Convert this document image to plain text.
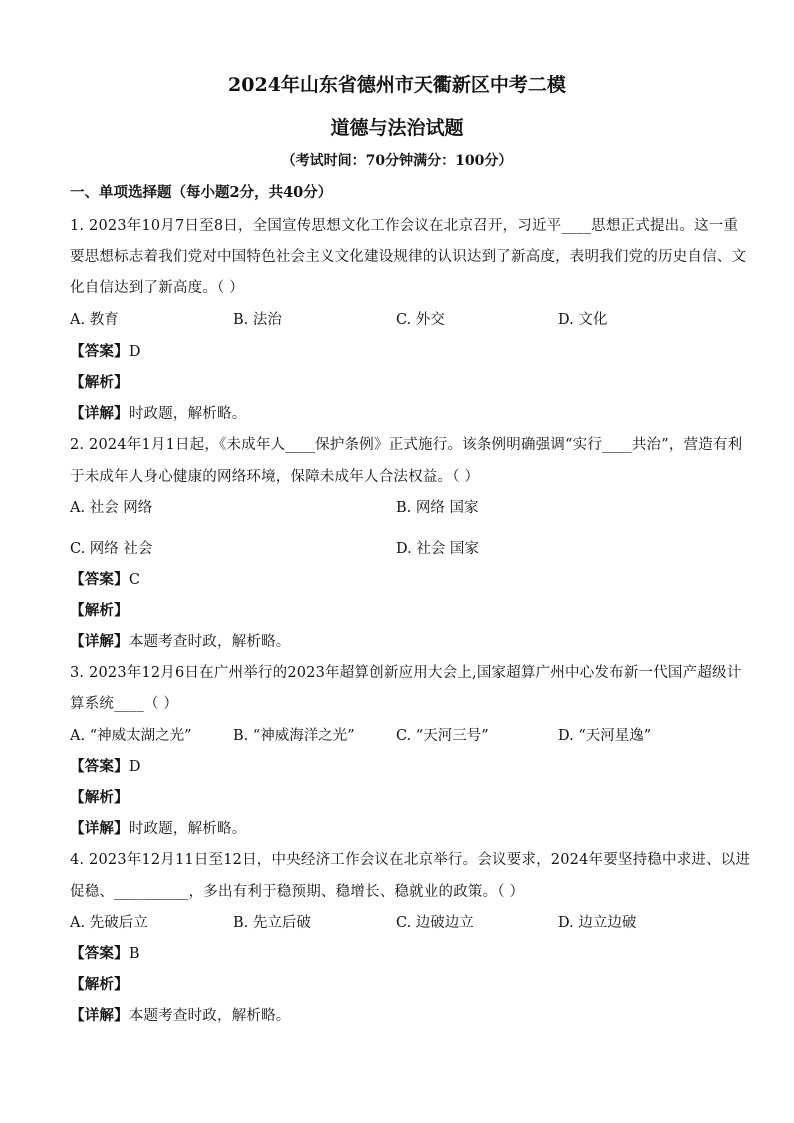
2024年山东省德州市天衢新区中考二模
道德与法治试题
（考试时间：70分钟满分：100分）
一、单项选择题（每小题2分，共40分）
1. 2023年10月7日至8日，全国宣传思想文化工作会议在北京召开，习近平____思想正式提出。这一重
要思想标志着我们党对中国特色社会主义文化建设规律的认识达到了新高度，表明我们党的历史自信、文
化自信达到了新高度。（ ）
A. 教育	B. 法治	C. 外交	D. 文化
【答案】D
【解析】
【详解】时政题，解析略。
2. 2024年1月1日起，《未成年人____保护条例》正式施行。该条例明确强调“实行____共治”，营造有利
于未成年人身心健康的网络环境，保障未成年人合法权益。（ ）
A. 社会 网络	B. 网络 国家
C. 网络 社会	D. 社会 国家
【答案】C
【解析】
【详解】本题考查时政，解析略。
3. 2023年12月6日在广州举行的2023年超算创新应用大会上,国家超算广州中心发布新一代国产超级计
算系统____（ ）
A. “神威太湖之光”	B. “神威海洋之光”	C. “天河三号”	D. “天河星逸”
【答案】D
【解析】
【详解】时政题，解析略。
4. 2023年12月11日至12日，中央经济工作会议在北京举行。会议要求，2024年要坚持稳中求进、以进
促稳、__________，多出有利于稳预期、稳增长、稳就业的政策。（ ）
A. 先破后立	B. 先立后破	C. 边破边立	D. 边立边破
【答案】B
【解析】
【详解】本题考查时政，解析略。
